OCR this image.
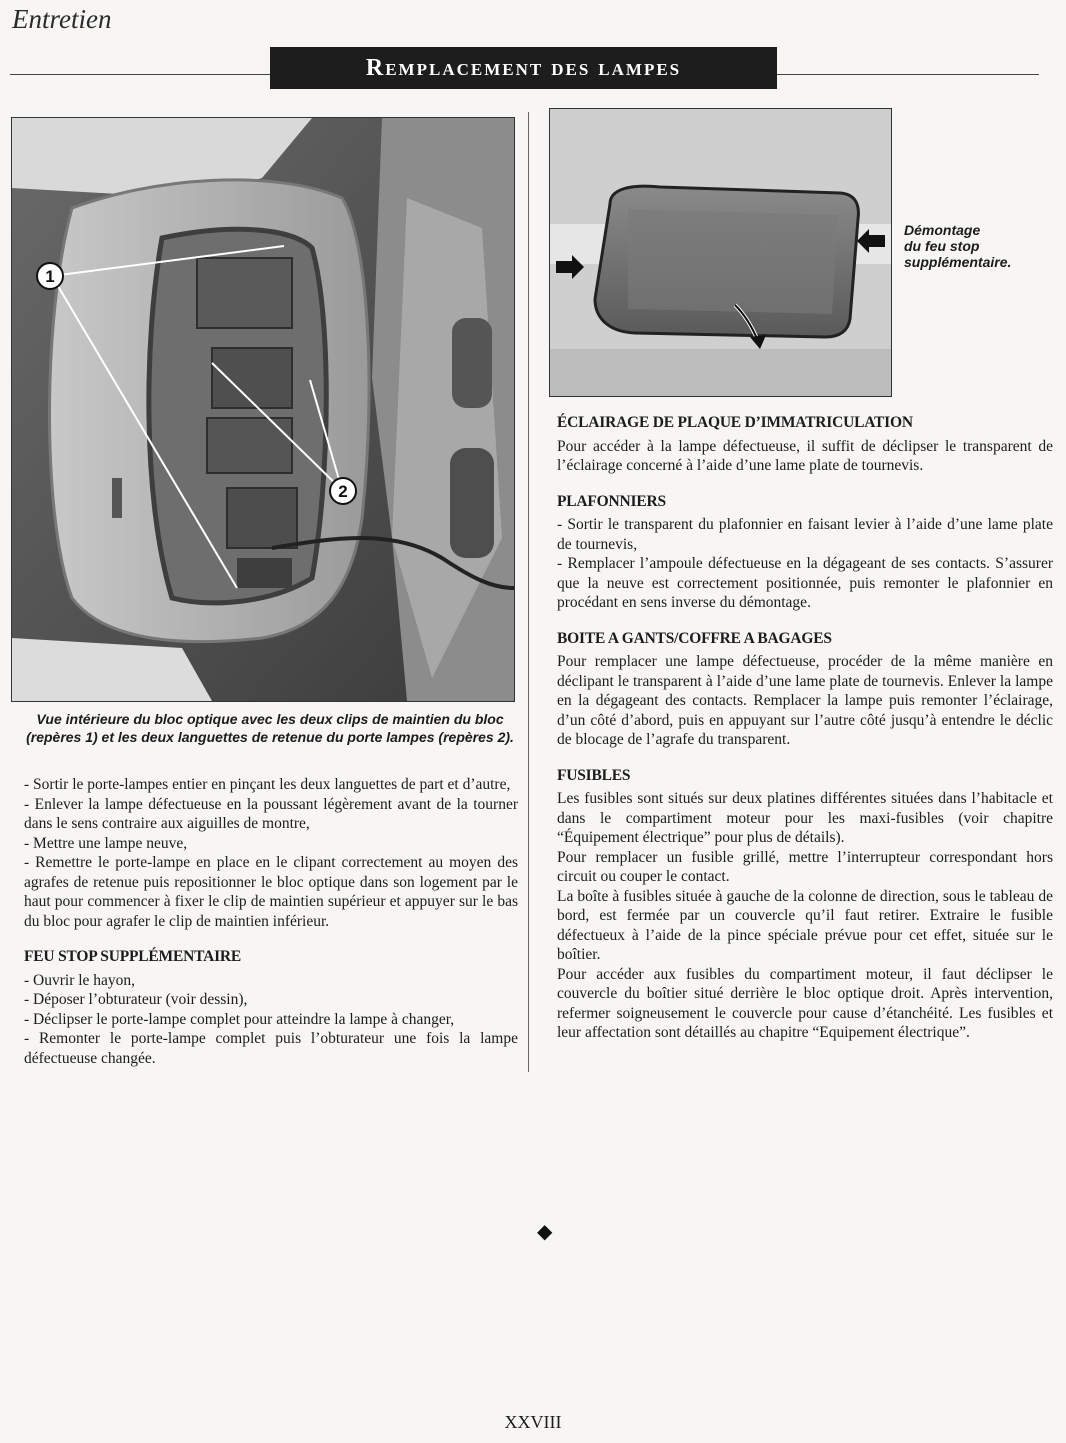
Entretien
Remplacement des lampes
1
2
Vue intérieure du bloc optique avec les deux clips de maintien du bloc (repères 1) et les deux languettes de retenue du porte lampes (repères 2).
Démontage
du feu stop
supplémentaire.

- Sortir le porte-lampes entier en pinçant les deux languettes de part et d’autre,

- Enlever la lampe défectueuse en la poussant légèrement avant de la tourner dans le sens contraire aux aiguilles de montre,

- Mettre une lampe neuve,

- Remettre le porte-lampe en place en le clipant correctement au moyen des agrafes de retenue puis repositionner le bloc optique dans son logement par le haut pour commencer à fixer le clip de maintien supérieur et appuyer sur le bas du bloc pour agrafer le clip de maintien inférieur.

FEU STOP SUPPLÉMENTAIRE

- Ouvrir le hayon,

- Déposer l’obturateur (voir dessin),

- Déclipser le porte-lampe complet pour atteindre la lampe à changer,

- Remonter le porte-lampe complet puis l’obturateur une fois la lampe défectueuse changée.

ÉCLAIRAGE DE PLAQUE D’IMMATRICULATION

Pour accéder à la lampe défectueuse, il suffit de déclipser le transparent de l’éclairage concerné à l’aide d’une lame plate de tournevis.

PLAFONNIERS

- Sortir le transparent du plafonnier en faisant levier à l’aide d’une lame plate de tournevis,

- Remplacer l’ampoule défectueuse en la dégageant de ses contacts. S’assurer que la neuve est correctement positionnée, puis remonter le plafonnier en procédant en sens inverse du démontage.

BOITE A GANTS/COFFRE A BAGAGES

Pour remplacer une lampe défectueuse, procéder de la même manière en déclipant le transparent à l’aide d’une lame plate de tournevis. Enlever la lampe en la dégageant des contacts. Remplacer la lampe puis remonter l’éclairage, d’un côté d’abord, puis en appuyant sur l’autre côté jusqu’à entendre le déclic de blocage de l’agrafe du transparent.

FUSIBLES

Les fusibles sont situés sur deux platines différentes situées dans l’habitacle et dans le compartiment moteur pour les maxi-fusibles (voir chapitre “Équipement électrique” pour plus de détails).

Pour remplacer un fusible grillé, mettre l’interrupteur correspondant hors circuit ou couper le contact.

La boîte à fusibles située à gauche de la colonne de direction, sous le tableau de bord, est fermée par un couvercle qu’il faut retirer. Extraire le fusible défectueux à l’aide de la pince spéciale prévue pour cet effet, située sur le boîtier.

Pour accéder aux fusibles du compartiment moteur, il faut déclipser le couvercle du boîtier situé derrière le bloc optique droit. Après intervention, refermer soigneusement le couvercle pour cause d’étanchéité. Les fusibles et leur affectation sont détaillés au chapitre “Equipement électrique”.

◆
XXVIII
